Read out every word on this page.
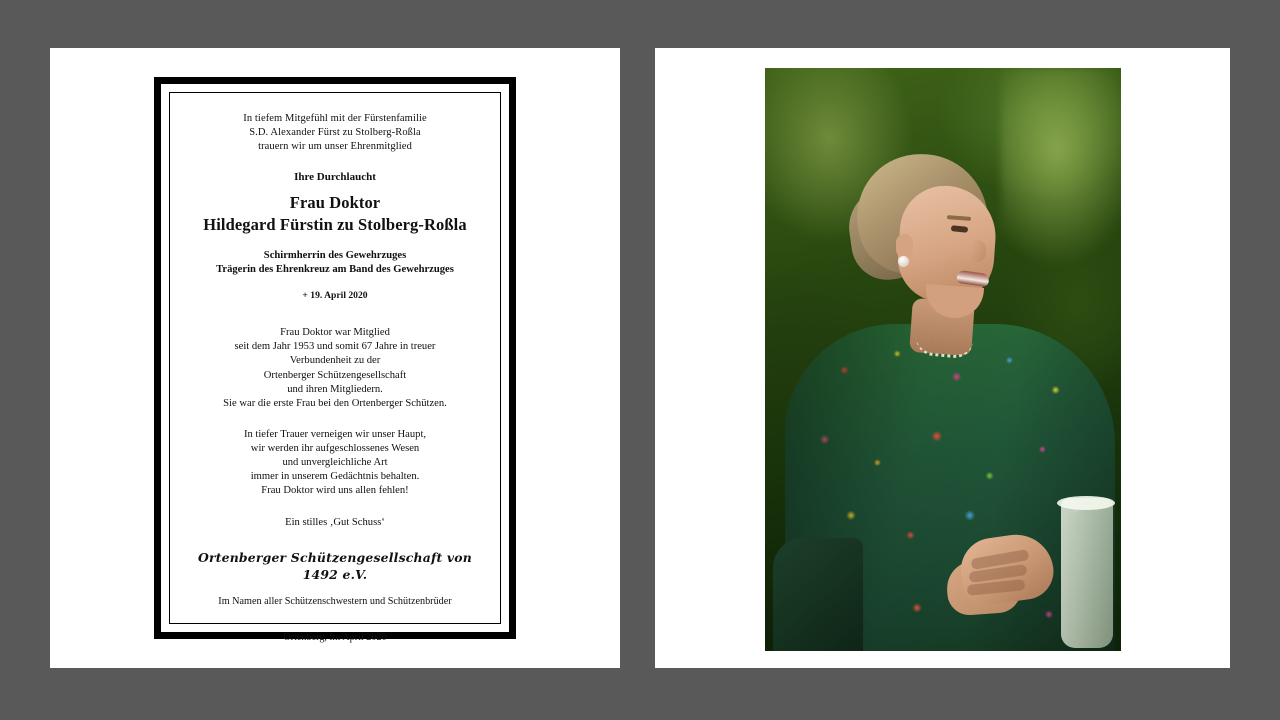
In tiefem Mitgefühl mit der Fürstenfamilie
S.D. Alexander Fürst zu Stolberg-Roßla
trauern wir um unser Ehrenmitglied

Ihre Durchlaucht

Frau Doktor
Hildegard Fürstin zu Stolberg-Roßla

Schirmherrin des Gewehrzuges
Trägerin des Ehrenkreuz am Band des Gewehrzuges

+ 19. April 2020

Frau Doktor war Mitglied
seit dem Jahr 1953 und somit 67 Jahre in treuer
Verbundenheit zu der
Ortenberger Schützengesellschaft
und ihren Mitgliedern.
Sie war die erste Frau bei den Ortenberger Schützen.

In tiefer Trauer verneigen wir unser Haupt,
wir werden ihr aufgeschlossenes Wesen
und unvergleichliche Art
immer in unserem Gedächtnis behalten.
Frau Doktor wird uns allen fehlen!

Ein stilles ‚Gut Schuss‘

Ortenberger Schützengesellschaft von 1492 e.V.

Im Namen aller Schützenschwestern und Schützenbrüder

Ortenberg, im April 2020
